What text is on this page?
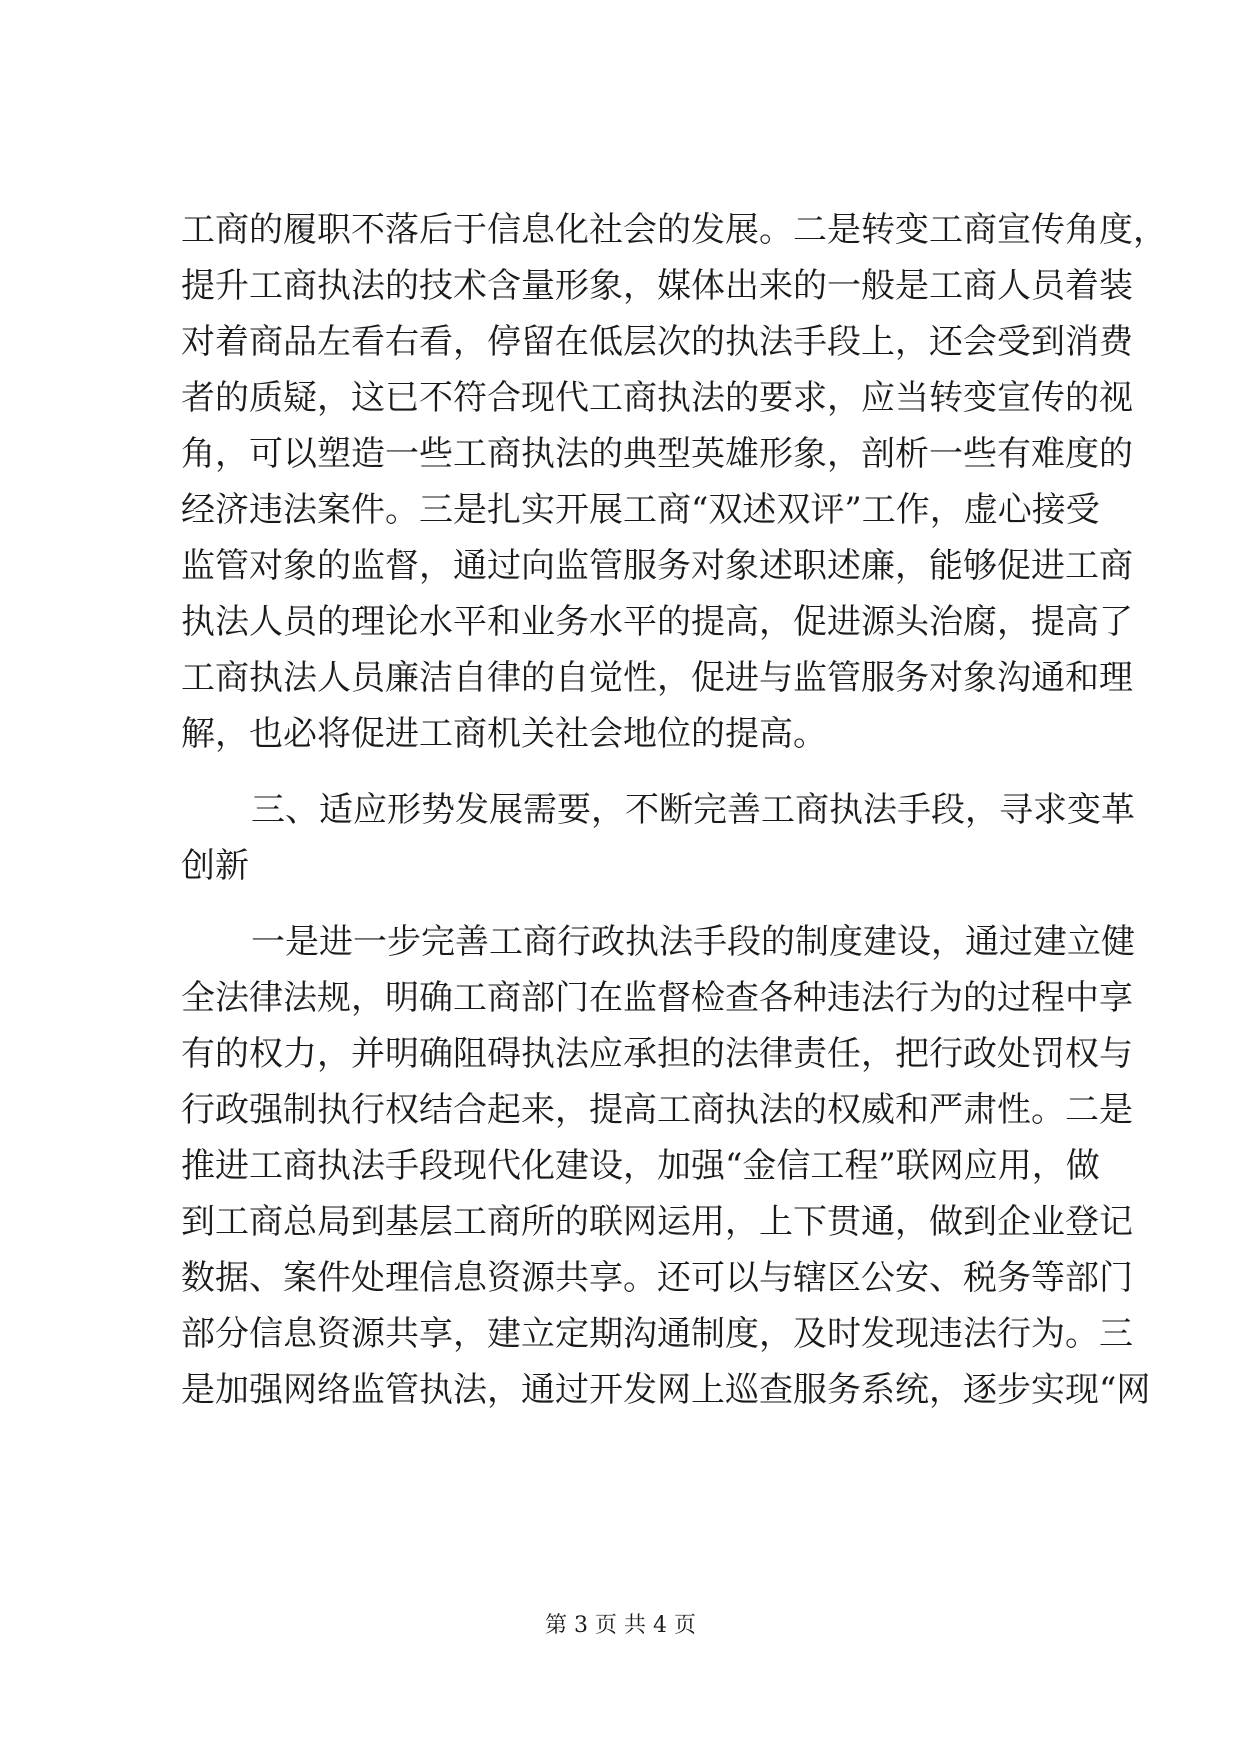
工商的履职不落后于信息化社会的发展。二是转变工商宣传角度，
提升工商执法的技术含量形象，媒体出来的一般是工商人员着装
对着商品左看右看，停留在低层次的执法手段上，还会受到消费
者的质疑，这已不符合现代工商执法的要求，应当转变宣传的视
角，可以塑造一些工商执法的典型英雄形象，剖析一些有难度的
经济违法案件。三是扎实开展工商“双述双评”工作，虚心接受
监管对象的监督，通过向监管服务对象述职述廉，能够促进工商
执法人员的理论水平和业务水平的提高，促进源头治腐，提高了
工商执法人员廉洁自律的自觉性，促进与监管服务对象沟通和理
解，也必将促进工商机关社会地位的提高。
三、适应形势发展需要，不断完善工商执法手段，寻求变革
创新
一是进一步完善工商行政执法手段的制度建设，通过建立健
全法律法规，明确工商部门在监督检查各种违法行为的过程中享
有的权力，并明确阻碍执法应承担的法律责任，把行政处罚权与
行政强制执行权结合起来，提高工商执法的权威和严肃性。二是
推进工商执法手段现代化建设，加强“金信工程”联网应用，做
到工商总局到基层工商所的联网运用，上下贯通，做到企业登记
数据、案件处理信息资源共享。还可以与辖区公安、税务等部门
部分信息资源共享，建立定期沟通制度，及时发现违法行为。三
是加强网络监管执法，通过开发网上巡查服务系统，逐步实现“网
第 3 页 共 4 页
